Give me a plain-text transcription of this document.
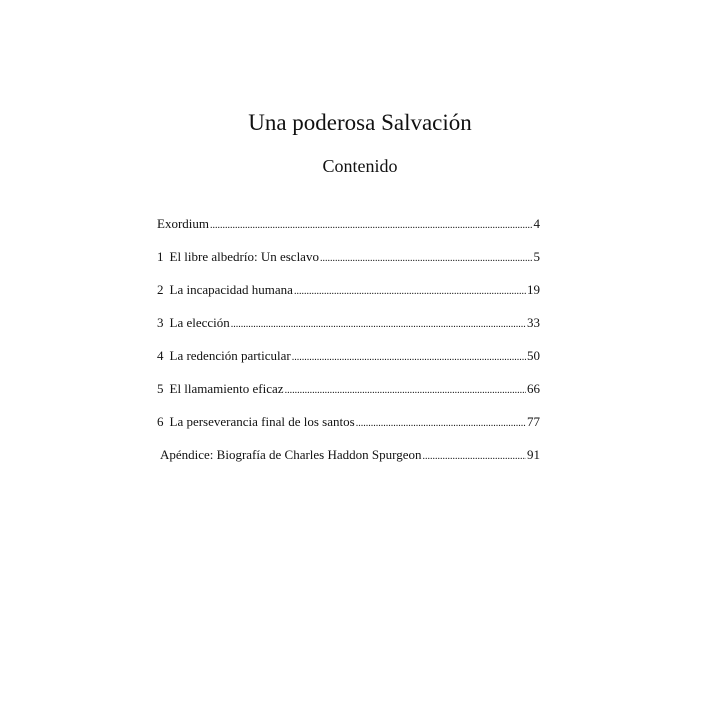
Una poderosa Salvación
Contenido
Exordium .....	4
1 El libre albedrío: Un esclavo .....	5
2 La incapacidad humana .....	19
3 La elección .....	33
4 La redención particular .....	50
5 El llamamiento eficaz .....	66
6 La perseverancia final de los santos .....	77
Apéndice: Biografía de Charles Haddon Spurgeon .....	91
